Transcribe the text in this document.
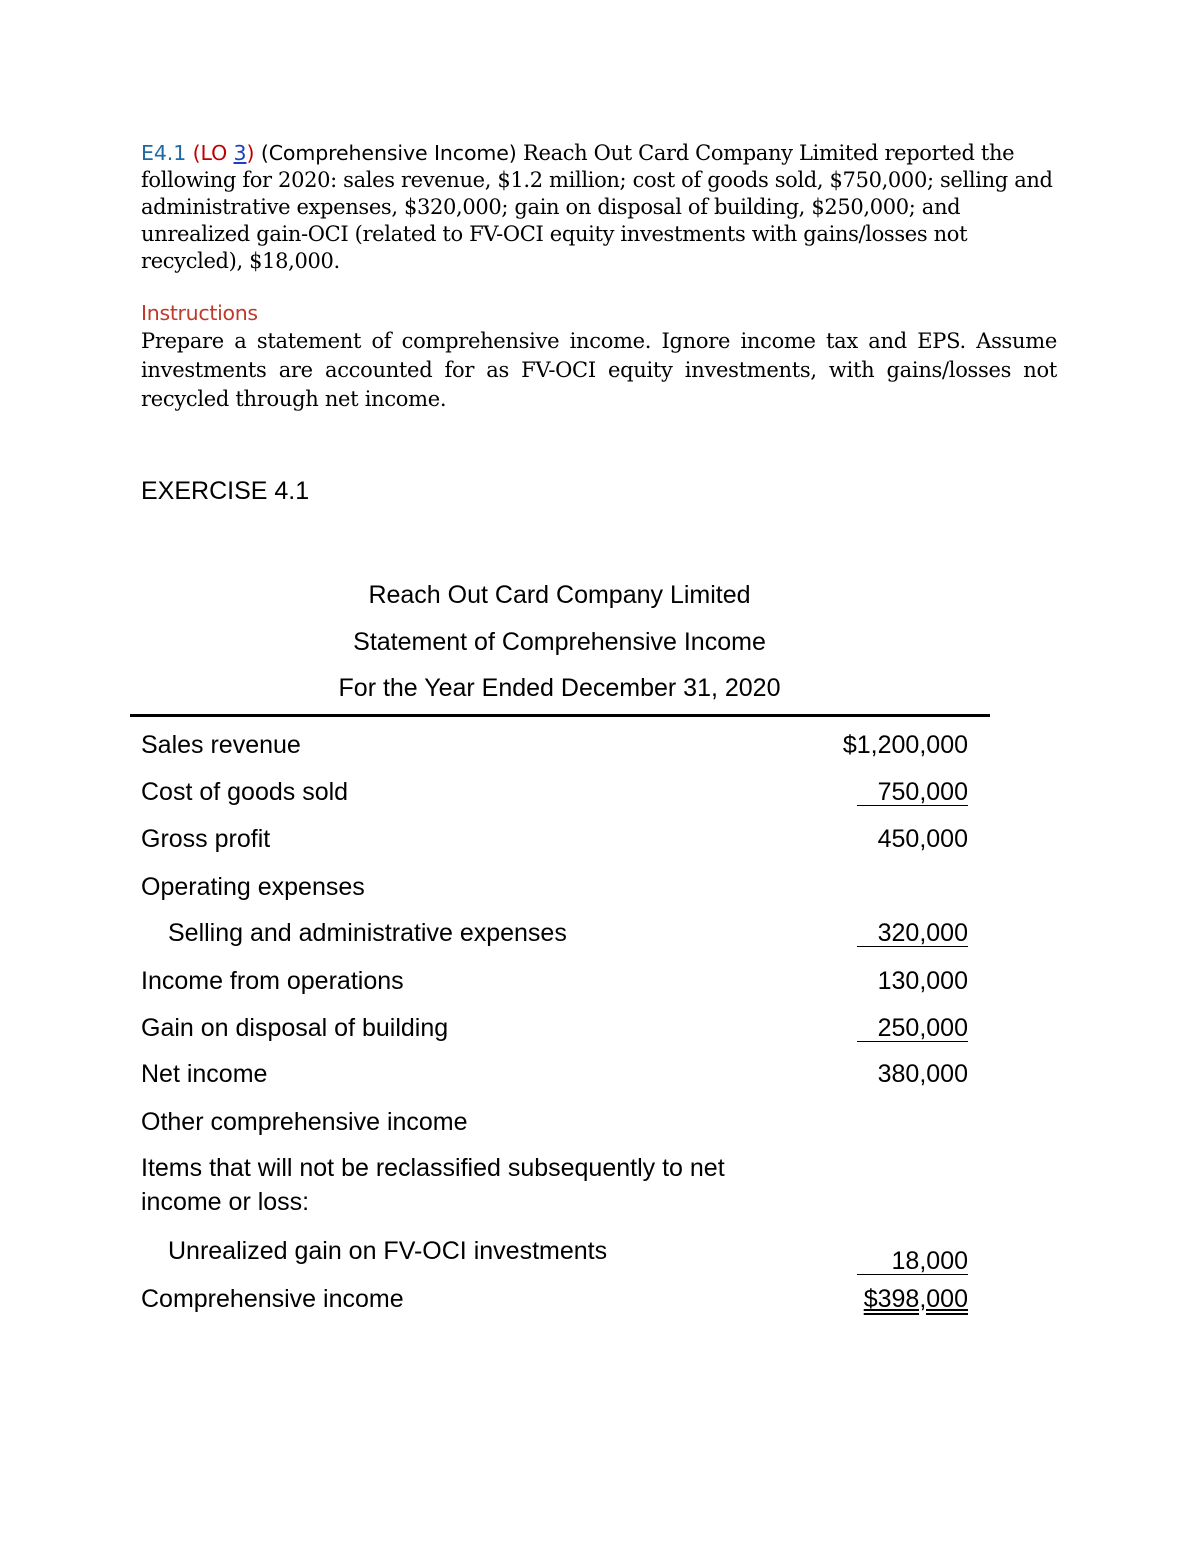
E4.1 (LO 3) (Comprehensive Income) Reach Out Card Company Limited reported the following for 2020: sales revenue, $1.2 million; cost of goods sold, $750,000; selling and administrative expenses, $320,000; gain on disposal of building, $250,000; and unrealized gain-OCI (related to FV-OCI equity investments with gains/losses not recycled), $18,000.

Instructions

Prepare a statement of comprehensive income. Ignore income tax and EPS. Assume investments are accounted for as FV-OCI equity investments, with gains/losses not recycled through net income.

EXERCISE 4.1
Reach Out Card Company Limited
Statement of Comprehensive Income
For the Year Ended December 31, 2020
Sales revenue	$1,200,000
Cost of goods sold	750,000
Gross profit	450,000
Operating expenses
Selling and administrative expenses	320,000
Income from operations	130,000
Gain on disposal of building	250,000
Net income	380,000
Other comprehensive income
Items that will not be reclassified subsequently to net income or loss:
Unrealized gain on FV-OCI investments	18,000
Comprehensive income	$398,000
